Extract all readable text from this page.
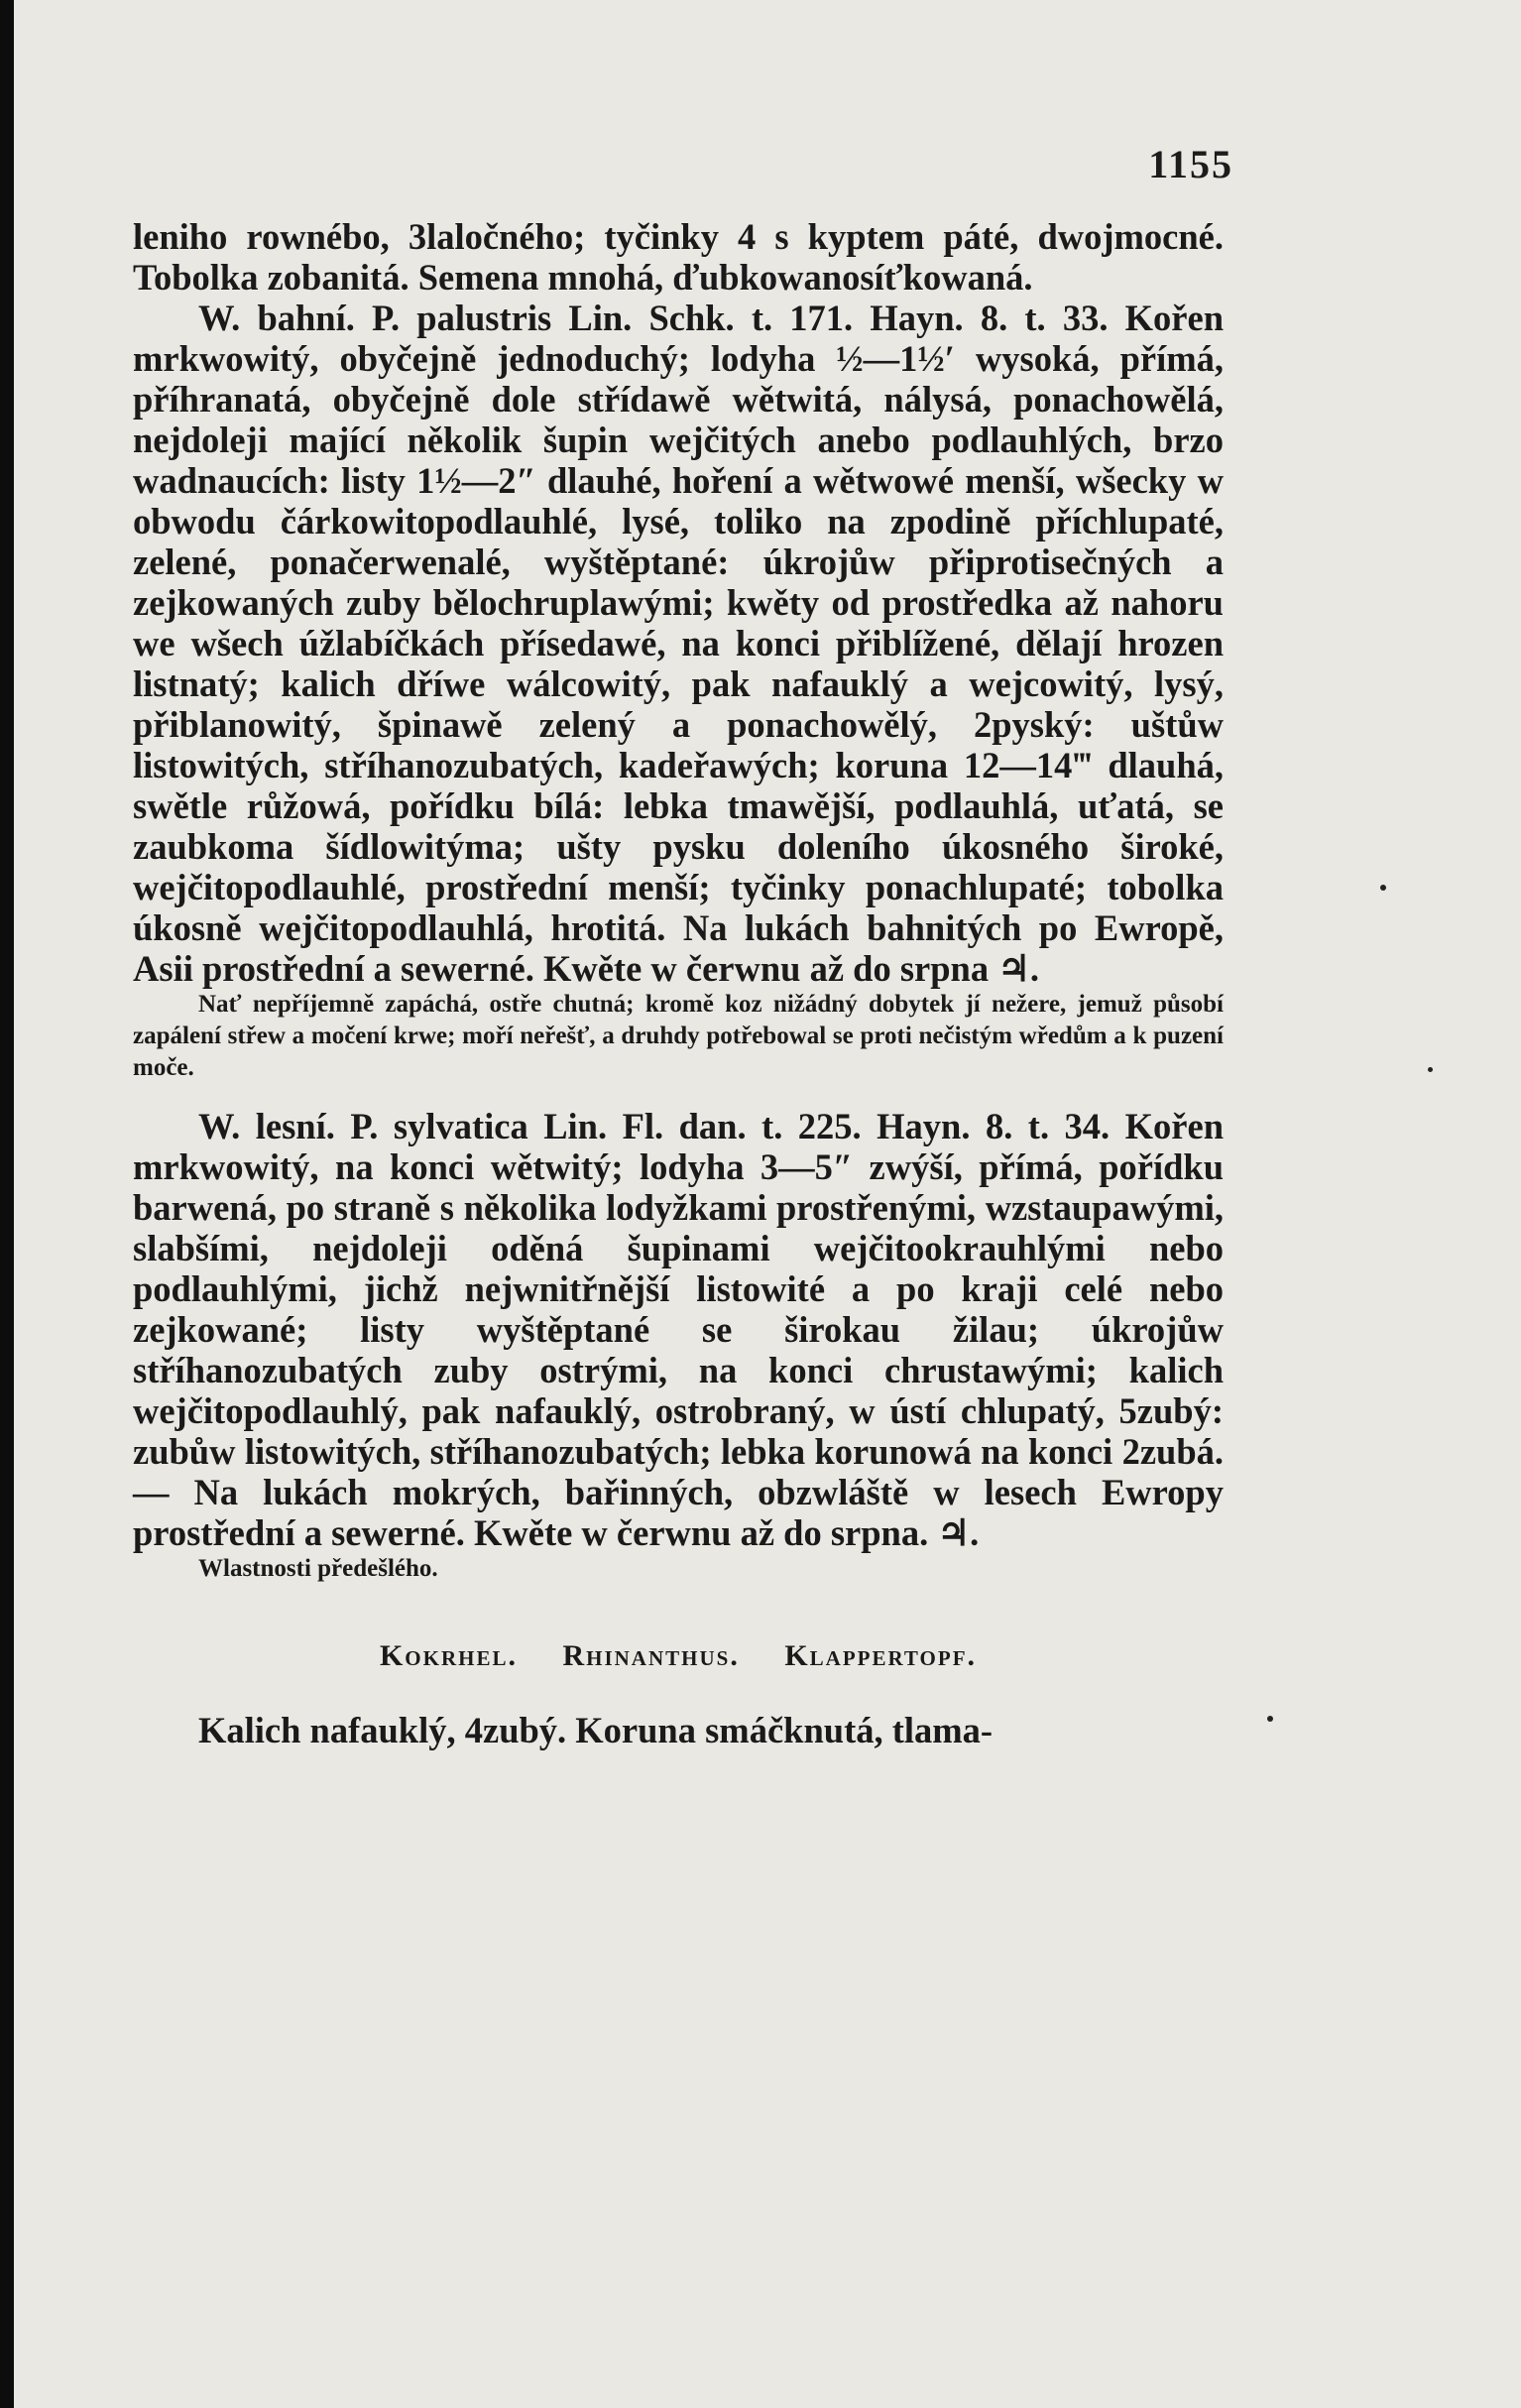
1155

leniho rownébo, 3laločného; tyčinky 4 s kyptem páté, dwojmocné. Tobolka zobanitá. Semena mnohá, ďubkowanosíťkowaná.

W. bahní. P. palustris Lin. Schk. t. 171. Hayn. 8. t. 33. Kořen mrkwowitý, obyčejně jednoduchý; lodyha ½—1½′ wysoká, přímá, příhranatá, obyčejně dole střídawě wětwitá, nálysá, ponachowělá, nejdoleji mající několik šupin wejčitých anebo podlauhlých, brzo wadnaucích: listy 1½—2″ dlauhé, hoření a wětwowé menší, wšecky w obwodu čárkowitopodlauhlé, lysé, toliko na zpodině příchlupaté, zelené, ponačerwenalé, wyštěptané: úkrojůw připrotisečných a zejkowaných zuby bělochruplawými; kwěty od prostředka až nahoru we wšech úžlabíčkách přísedawé, na konci přiblížené, dělají hrozen listnatý; kalich dříwe wálcowitý, pak nafauklý a wejcowitý, lysý, přiblanowitý, špinawě zelený a ponachowělý, 2pyský: uštůw listowitých, stříhanozubatých, kadeřawých; koruna 12—14‴ dlauhá, swětle růžowá, pořídku bílá: lebka tmawější, podlauhlá, uťatá, se zaubkoma šídlowitýma; ušty pysku doleního úkosného široké, wejčitopodlauhlé, prostřední menší; tyčinky ponachlupaté; tobolka úkosně wejčitopodlauhlá, hrotitá. Na lukách bahnitých po Ewropě, Asii prostřední a sewerné. Kwěte w čerwnu až do srpna ♃.

Nať nepříjemně zapáchá, ostře chutná; kromě koz nižádný dobytek jí nežere, jemuž působí zapálení střew a močení krwe; moří neřešť, a druhdy potřebowal se proti nečistým wředům a k puzení moče.

W. lesní. P. sylvatica Lin. Fl. dan. t. 225. Hayn. 8. t. 34. Kořen mrkwowitý, na konci wětwitý; lodyha 3—5″ zwýší, přímá, pořídku barwená, po straně s několika lodyžkami prostřenými, wzstaupawými, slabšími, nejdoleji oděná šupinami wejčitookrauhlými nebo podlauhlými, jichž nejwnitřnější listowité a po kraji celé nebo zejkowané; listy wyštěptané se širokau žilau; úkrojůw stříhanozubatých zuby ostrými, na konci chrustawými; kalich wejčitopodlauhlý, pak nafauklý, ostrobraný, w ústí chlupatý, 5zubý: zubůw listowitých, stříhanozubatých; lebka korunowá na konci 2zubá. — Na lukách mokrých, bařinných, obzwláště w lesech Ewropy prostřední a sewerné. Kwěte w čerwnu až do srpna. ♃.

Wlastnosti předešlého.

Kokrhel. Rhinanthus. Klappertopf.

Kalich nafauklý, 4zubý. Koruna smáčknutá, tlama-
